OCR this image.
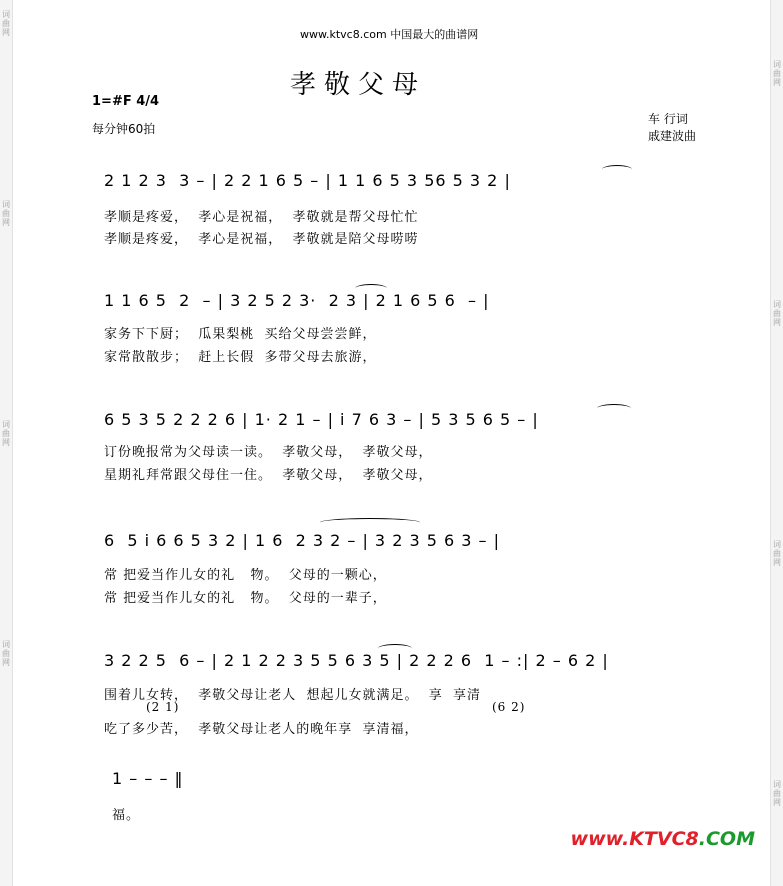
词
曲
网
词
曲
网
词
曲
网
词
曲
网
词
曲
网
词
曲
网
词
曲
网
词
曲
网
www.ktvc8.com 中国最大的曲谱网
孝敬父母
1=#F 4/4
每分钟60拍
车 行词
戚建波曲
2 1 2 3  3 – | 2 2 1 6 5 – | 1 1 6 5 3 56 5 3 2 |
孝顺是疼爱，  孝心是祝福，  孝敬就是帮父母忙忙
孝顺是疼爱，  孝心是祝福，  孝敬就是陪父母唠唠
1 1 6 5  2  – | 3 2 5 2 3·  2 3 | 2 1 6 5 6  – |
家务下下厨；  瓜果梨桃  买给父母尝尝鲜，
家常散散步；  赶上长假  多带父母去旅游，
6 5 3 5 2 2 2 6 | 1· 2 1 – | i 7 6 3 – | 5 3 5 6 5 – |
订份晚报常为父母读一读。  孝敬父母，  孝敬父母，
星期礼拜常跟父母住一住。  孝敬父母，  孝敬父母，
6  5 i 6 6 5 3 2 | 1 6  2 3 2 – | 3 2 3 5 6 3 – |
常 把爱当作儿女的礼   物。  父母的一颗心，
常 把爱当作儿女的礼   物。  父母的一辈子，
3 2 2 5  6 – | 2 1 2 2 3 5 5 6 3 5 | 2 2 2 6  1 – :| 2 – 6 2 |
围着儿女转，  孝敬父母让老人  想起儿女就满足。  享  享清
(2 1)	(6 2)
吃了多少苦，  孝敬父母让老人的晚年享  享清福，
1 – – – ‖
福。
www.KTVC8.COM
